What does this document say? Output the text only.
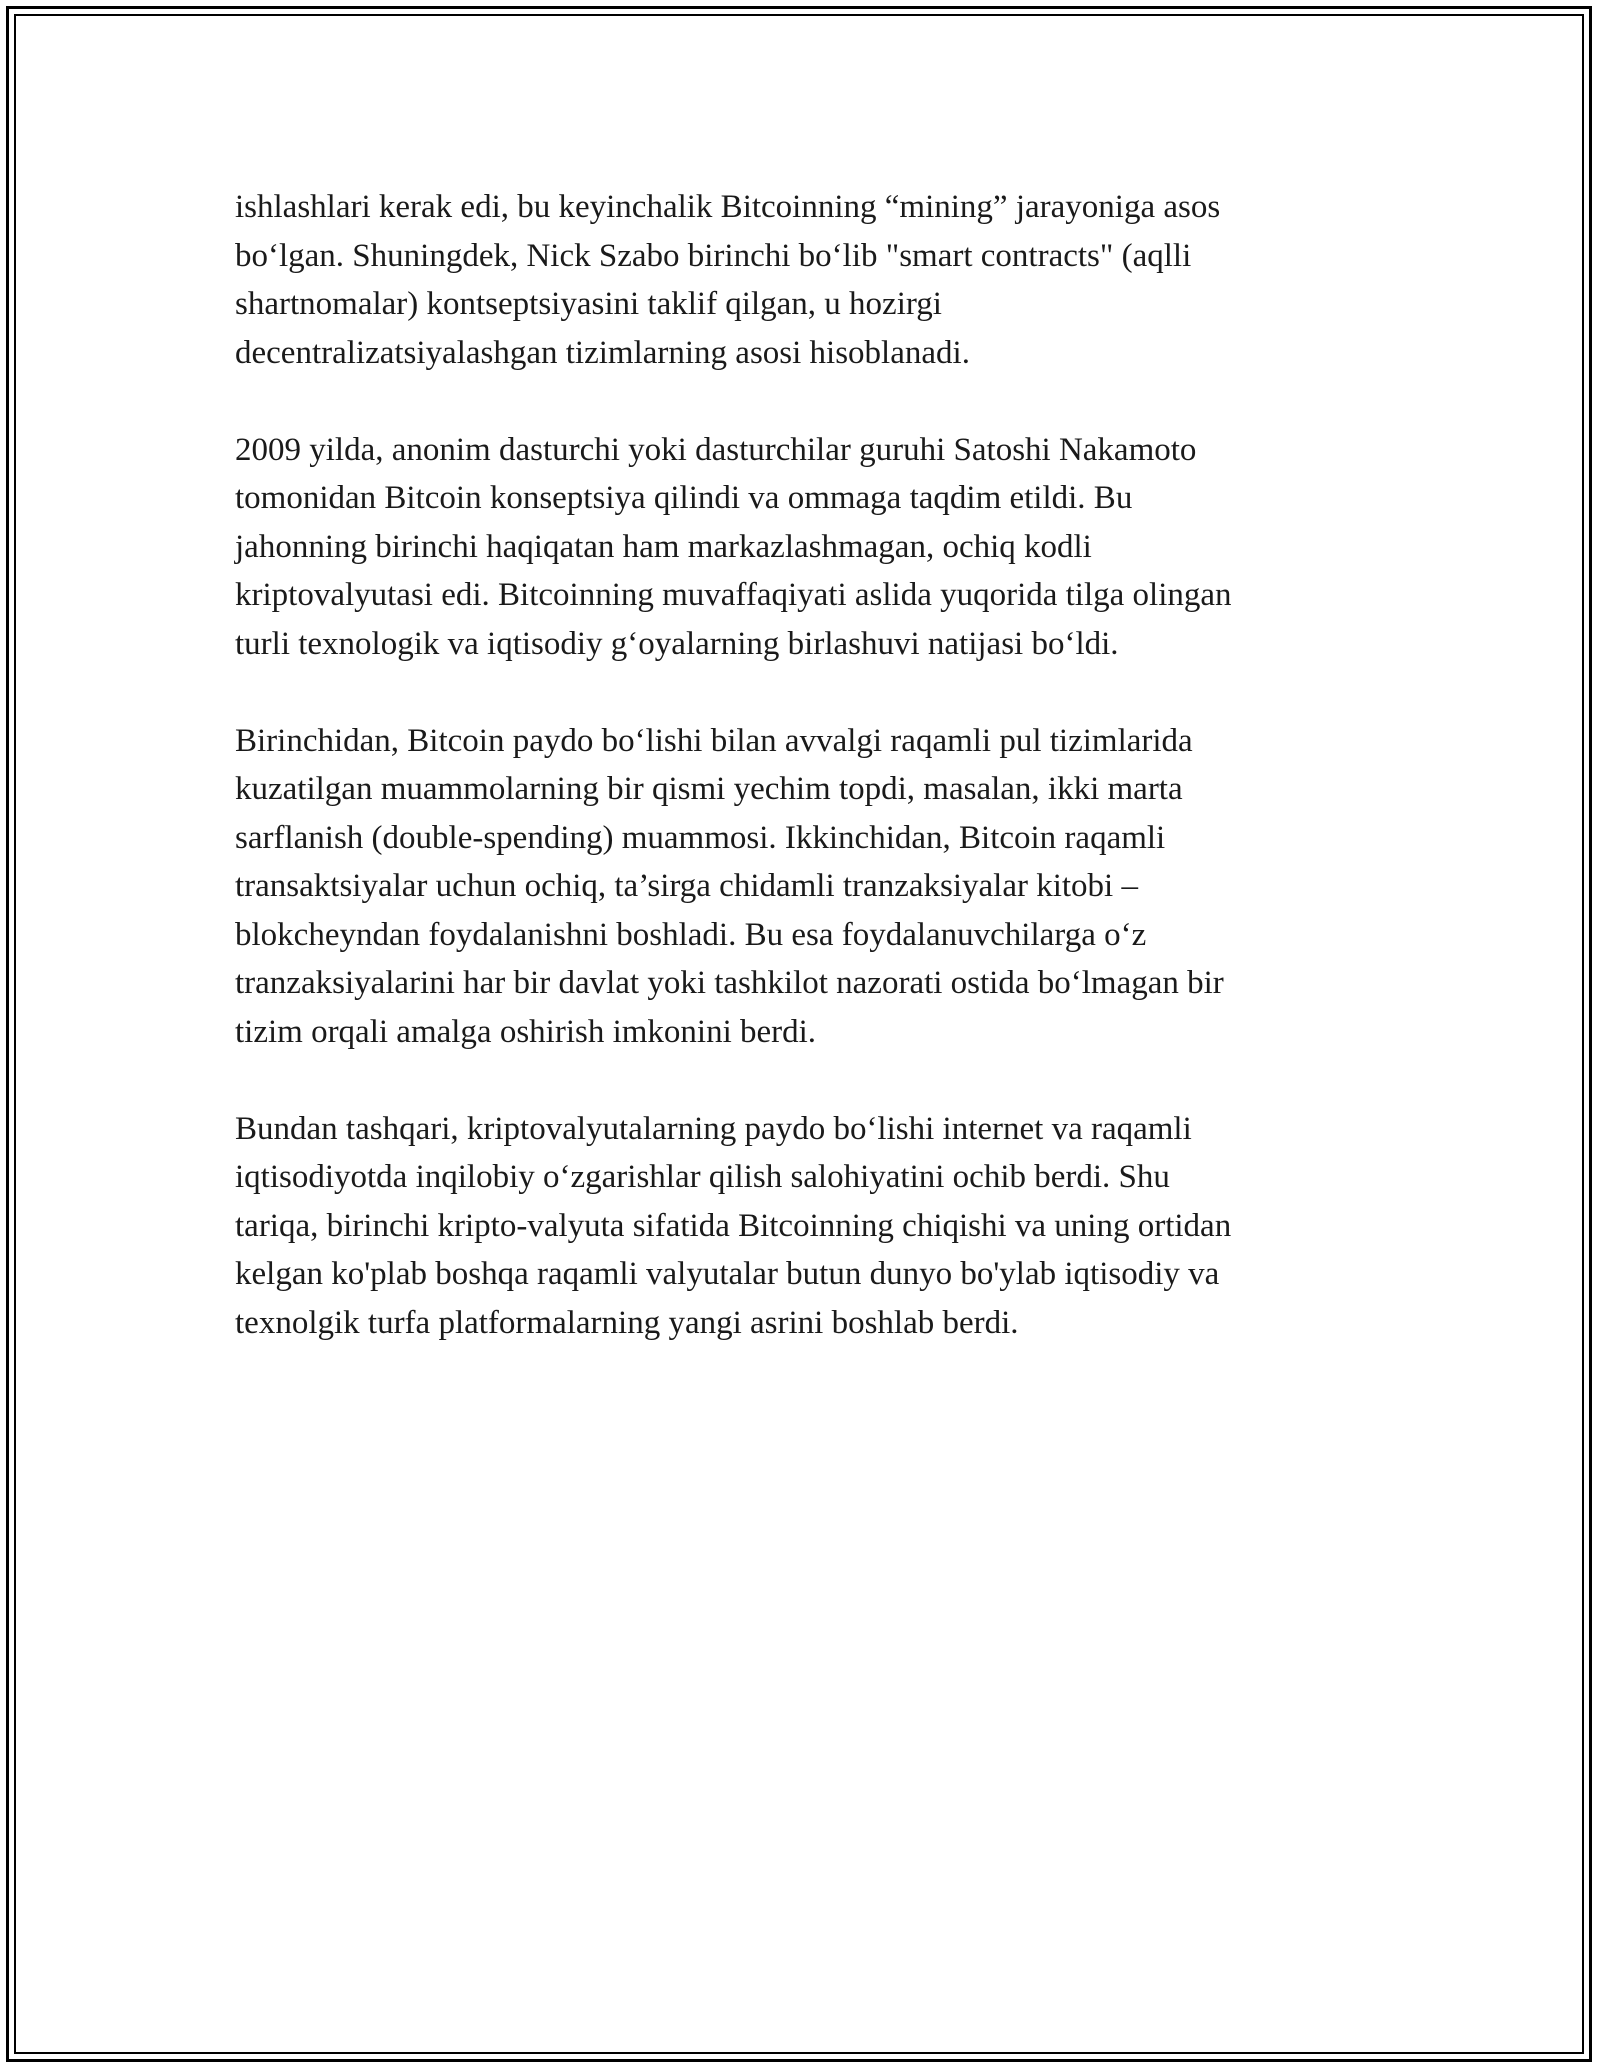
ishlashlari kerak edi, bu keyinchalik Bitcoinning “mining” jarayoniga asos
boʻlgan. Shuningdek, Nick Szabo birinchi boʻlib "smart contracts" (aqlli
shartnomalar) kontseptsiyasini taklif qilgan, u hozirgi
decentralizatsiyalashgan tizimlarning asosi hisoblanadi.

2009 yilda, anonim dasturchi yoki dasturchilar guruhi Satoshi Nakamoto
tomonidan Bitcoin konseptsiya qilindi va ommaga taqdim etildi. Bu
jahonning birinchi haqiqatan ham markazlashmagan, ochiq kodli
kriptovalyutasi edi. Bitcoinning muvaffaqiyati aslida yuqorida tilga olingan
turli texnologik va iqtisodiy gʻoyalarning birlashuvi natijasi boʻldi.

Birinchidan, Bitcoin paydo boʻlishi bilan avvalgi raqamli pul tizimlarida
kuzatilgan muammolarning bir qismi yechim topdi, masalan, ikki marta
sarflanish (double-spending) muammosi. Ikkinchidan, Bitcoin raqamli
transaktsiyalar uchun ochiq, ta’sirga chidamli tranzaksiyalar kitobi –
blokcheyndan foydalanishni boshladi. Bu esa foydalanuvchilarga oʻz
tranzaksiyalarini har bir davlat yoki tashkilot nazorati ostida boʻlmagan bir
tizim orqali amalga oshirish imkonini berdi.

Bundan tashqari, kriptovalyutalarning paydo boʻlishi internet va raqamli
iqtisodiyotda inqilobiy oʻzgarishlar qilish salohiyatini ochib berdi. Shu
tariqa, birinchi kripto-valyuta sifatida Bitcoinning chiqishi va uning ortidan
kelgan ko'plab boshqa raqamli valyutalar butun dunyo bo'ylab iqtisodiy va
texnolgik turfa platformalarning yangi asrini boshlab berdi.
